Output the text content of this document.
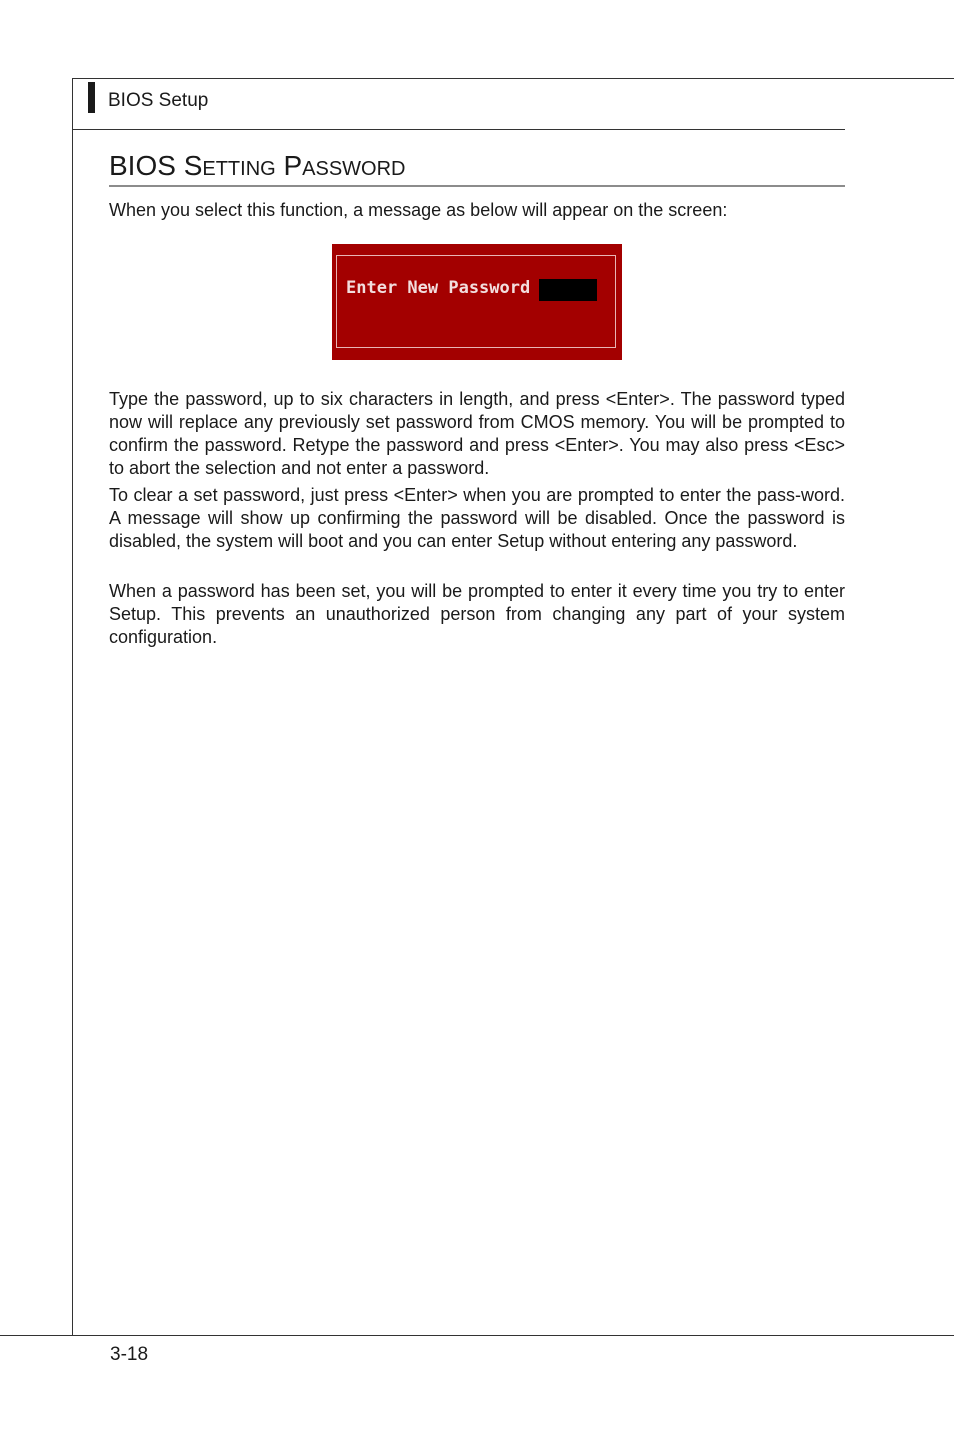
BIOS Setup
BIOS Setting Password

When you select this function, a message as below will appear on the screen:

Enter New Password

Type the password, up to six characters in length, and press <Enter>. The password typed now will replace any previously set password from CMOS memory. You will be prompted to confirm the password. Retype the password and press <Enter>. You may also press <Esc> to abort the selection and not enter a password.

To clear a set password, just press <Enter> when you are prompted to enter the pass-word. A message will show up confirming the password will be disabled. Once the password is disabled, the system will boot and you can enter Setup without entering any password.

When a password has been set, you will be prompted to enter it every time you try to enter Setup. This prevents an unauthorized person from changing any part of your system configuration.

3-18
